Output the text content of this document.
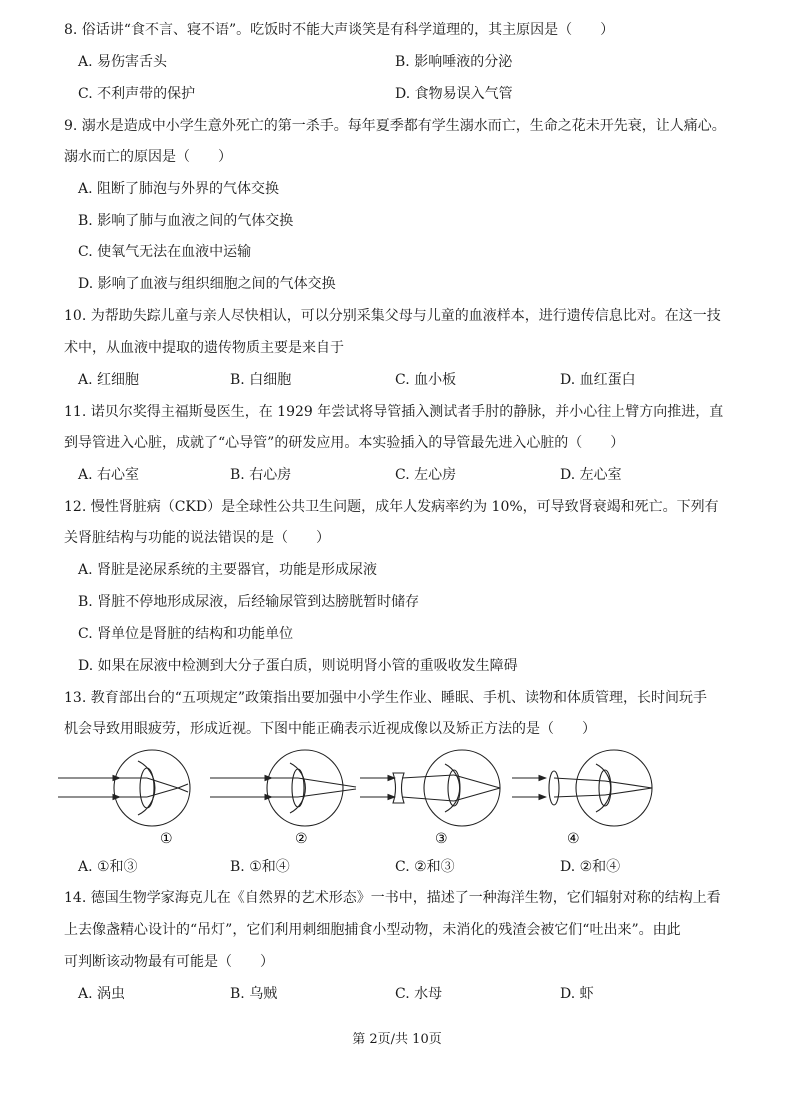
8. 俗话讲“食不言、寝不语”。吃饭时不能大声谈笑是有科学道理的，其主原因是（　　）
A. 易伤害舌头	B. 影响唾液的分泌
C. 不利声带的保护	D. 食物易误入气管
9. 溺水是造成中小学生意外死亡的第一杀手。每年夏季都有学生溺水而亡，生命之花未开先衰，让人痛心。
溺水而亡的原因是（　　）
A. 阻断了肺泡与外界的气体交换
B. 影响了肺与血液之间的气体交换
C. 使氧气无法在血液中运输
D. 影响了血液与组织细胞之间的气体交换
10. 为帮助失踪儿童与亲人尽快相认，可以分别采集父母与儿童的血液样本，进行遗传信息比对。在这一技
术中，从血液中提取的遗传物质主要是来自于
A. 红细胞	B. 白细胞	C. 血小板	D. 血红蛋白
11. 诺贝尔奖得主福斯曼医生，在 1929 年尝试将导管插入测试者手肘的静脉，并小心往上臂方向推进，直
到导管进入心脏，成就了“心导管”的研发应用。本实验插入的导管最先进入心脏的（　　）
A. 右心室	B. 右心房	C. 左心房	D. 左心室
12. 慢性肾脏病（CKD）是全球性公共卫生问题，成年人发病率约为 10%，可导致肾衰竭和死亡。下列有
关肾脏结构与功能的说法错误的是（　　）
A. 肾脏是泌尿系统的主要器官，功能是形成尿液
B. 肾脏不停地形成尿液，后经输尿管到达膀胱暂时储存
C. 肾单位是肾脏的结构和功能单位
D. 如果在尿液中检测到大分子蛋白质，则说明肾小管的重吸收发生障碍
13. 教育部出台的“五项规定”政策指出要加强中小学生作业、睡眠、手机、读物和体质管理，长时间玩手
机会导致用眼疲劳，形成近视。下图中能正确表示近视成像以及矫正方法的是（　　）
①	②	③	④
A. ①和③	B. ①和④	C. ②和③	D. ②和④
14. 德国生物学家海克儿在《自然界的艺术形态》一书中，描述了一种海洋生物，它们辐射对称的结构上看
上去像盏精心设计的“吊灯”，它们利用刺细胞捕食小型动物，未消化的残渣会被它们“吐出来”。由此
可判断该动物最有可能是（　　）
A. 涡虫	B. 乌贼	C. 水母	D. 虾
第 2页/共 10页
